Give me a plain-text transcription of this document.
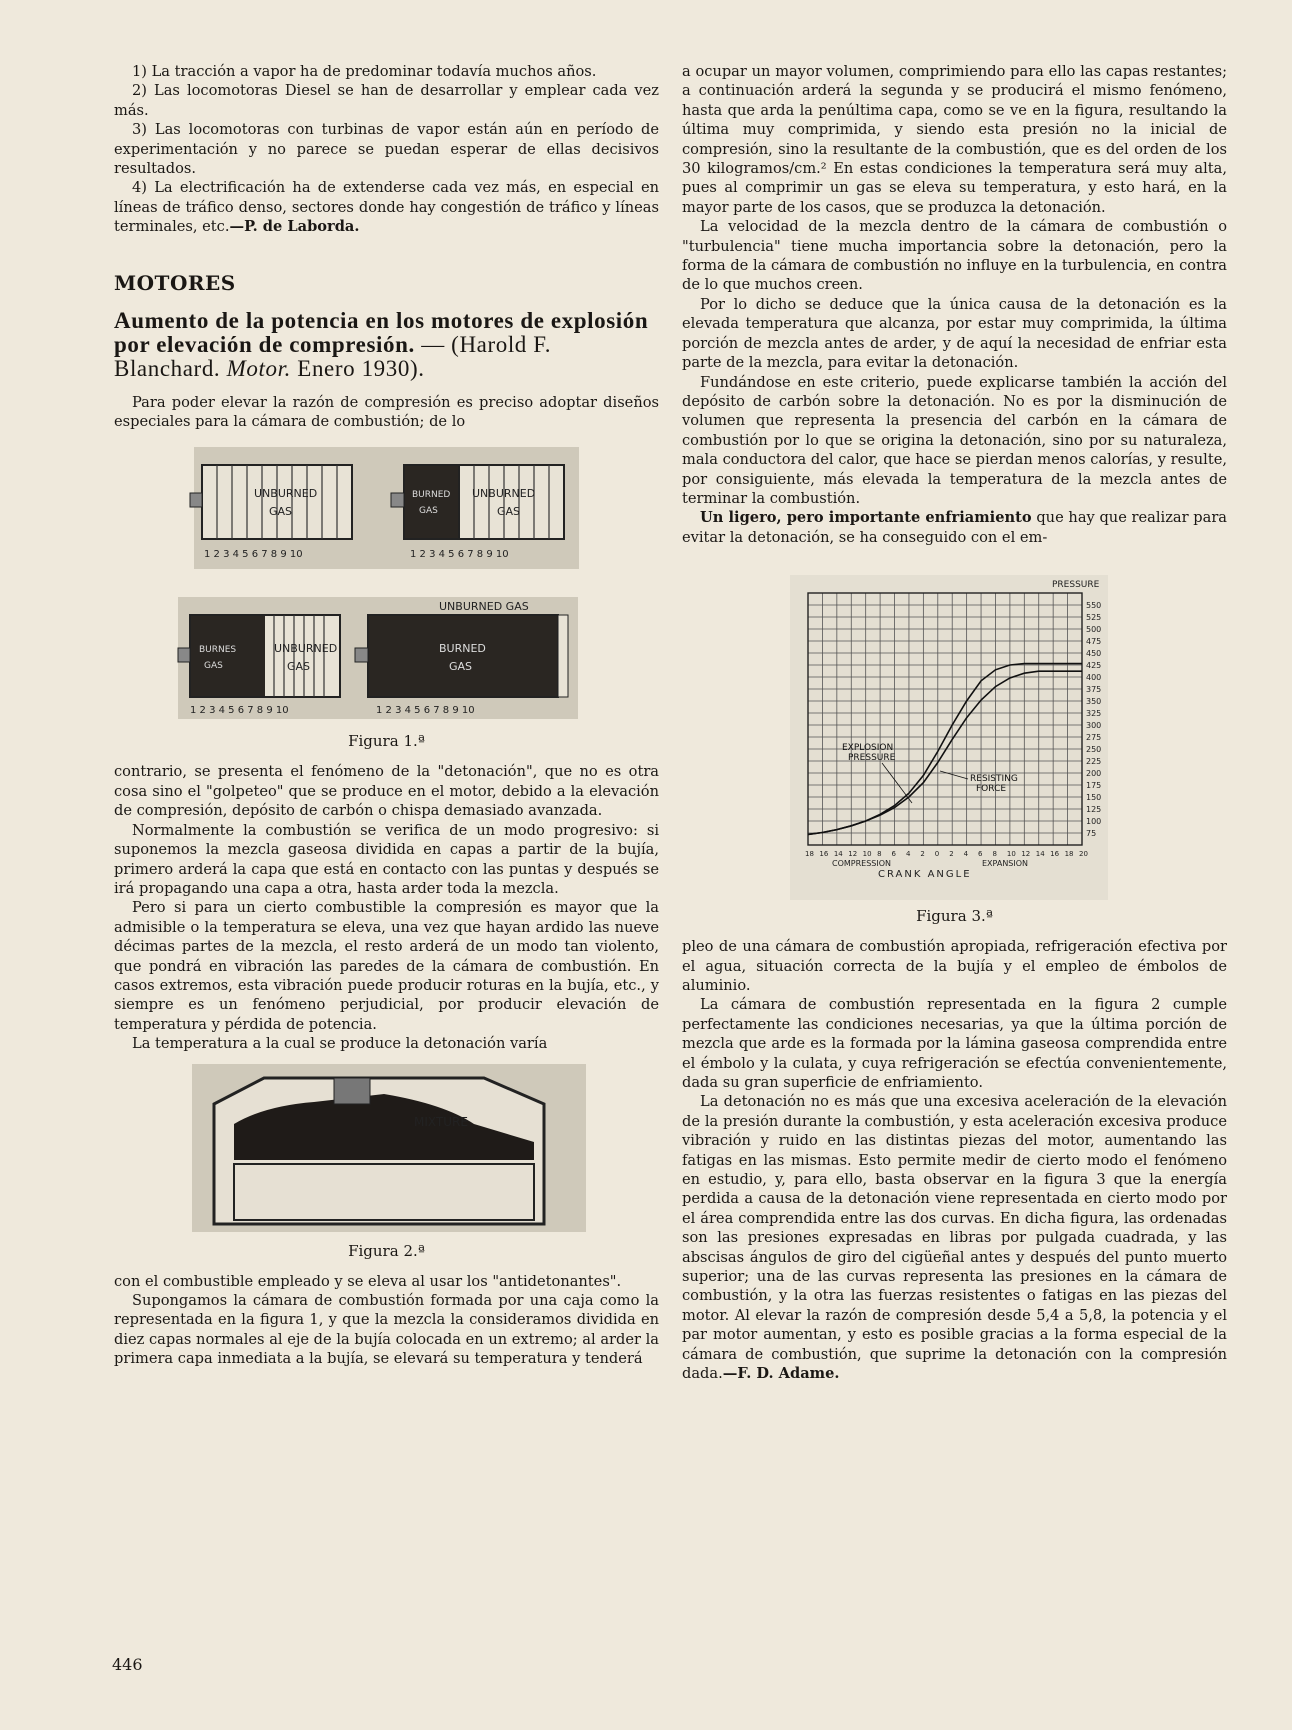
1) La tracción a vapor ha de predominar todavía muchos años.

2) Las locomotoras Diesel se han de desarrollar y emplear cada vez más.

3) Las locomotoras con turbinas de vapor están aún en período de experimentación y no parece se puedan esperar de ellas decisivos resultados.

4) La electrificación ha de extenderse cada vez más, en especial en líneas de tráfico denso, sectores donde hay congestión de tráfico y líneas terminales, etc.—P. de Laborda.

MOTORES
Aumento de la potencia en los motores de explosión por elevación de compresión. — (Harold F. Blanchard. Motor. Enero 1930).

Para poder elevar la razón de compresión es preciso adoptar diseños especiales para la cámara de combustión; de lo

UNBURNED
GAS
BURNED
GAS
UNBURNED
GAS
1 2 3 4 5 6 7 8 9 10	1 2 3 4 5 6 7 8 9 10
BURNES
GAS
UNBURNED
GAS
UNBURNED GAS
BURNED
GAS
1 2 3 4 5 6 7 8 9 10	1 2 3 4 5 6 7 8 9 10
Figura 1.ª

contrario, se presenta el fenómeno de la "detonación", que no es otra cosa sino el "golpeteo" que se produce en el motor, debido a la elevación de compresión, depósito de carbón o chispa demasiado avanzada.

Normalmente la combustión se verifica de un modo progresivo: si suponemos la mezcla gaseosa dividida en capas a partir de la bujía, primero arderá la capa que está en contacto con las puntas y después se irá propagando una capa a otra, hasta arder toda la mezcla.

Pero si para un cierto combustible la compresión es mayor que la admisible o la temperatura se eleva, una vez que hayan ardido las nueve décimas partes de la mezcla, el resto arderá de un modo tan violento, que pondrá en vibración las paredes de la cámara de combustión. En casos extremos, esta vibración puede producir roturas en la bujía, etc., y siempre es un fenómeno perjudicial, por producir elevación de temperatura y pérdida de potencia.

La temperatura a la cual se produce la detonación varía

MIXTURE
Figura 2.ª

con el combustible empleado y se eleva al usar los "antidetonantes".

Supongamos la cámara de combustión formada por una caja como la representada en la figura 1, y que la mezcla la consideramos dividida en diez capas normales al eje de la bujía colocada en un extremo; al arder la primera capa inmediata a la bujía, se elevará su temperatura y tenderá

a ocupar un mayor volumen, comprimiendo para ello las capas restantes; a continuación arderá la segunda y se producirá el mismo fenómeno, hasta que arda la penúltima capa, como se ve en la figura, resultando la última muy comprimida, y siendo esta presión no la inicial de compresión, sino la resultante de la combustión, que es del orden de los 30 kilogramos/cm.² En estas condiciones la temperatura será muy alta, pues al comprimir un gas se eleva su temperatura, y esto hará, en la mayor parte de los casos, que se produzca la detonación.

La velocidad de la mezcla dentro de la cámara de combustión o "turbulencia" tiene mucha importancia sobre la detonación, pero la forma de la cámara de combustión no influye en la turbulencia, en contra de lo que muchos creen.

Por lo dicho se deduce que la única causa de la detonación es la elevada temperatura que alcanza, por estar muy comprimida, la última porción de mezcla antes de arder, y de aquí la necesidad de enfriar esta parte de la mezcla, para evitar la detonación.

Fundándose en este criterio, puede explicarse también la acción del depósito de carbón sobre la detonación. No es por la disminución de volumen que representa la presencia del carbón en la cámara de combustión por lo que se origina la detonación, sino por su naturaleza, mala conductora del calor, que hace se pierdan menos calorías, y resulte, por consiguiente, más elevada la temperatura de la mezcla antes de terminar la combustión.

Un ligero, pero importante enfriamiento que hay que realizar para evitar la detonación, se ha conseguido con el em-

75
100
125
150
175
200
225
250
275
300
325
350
375
400
425
450
475
500
525
550
PRESSURE
18 16 14 12 10 8 6 4 2 0 2 4 6 8 10 12 14 16 18 20
COMPRESSION	EXPANSION
CRANK ANGLE
EXPLOSION
PRESSURE
RESISTING
FORCE
Figura 3.ª

pleo de una cámara de combustión apropiada, refrigeración efectiva por el agua, situación correcta de la bujía y el empleo de émbolos de aluminio.

La cámara de combustión representada en la figura 2 cumple perfectamente las condiciones necesarias, ya que la última porción de mezcla que arde es la formada por la lámina gaseosa comprendida entre el émbolo y la culata, y cuya refrigeración se efectúa convenientemente, dada su gran superficie de enfriamiento.

La detonación no es más que una excesiva aceleración de la elevación de la presión durante la combustión, y esta aceleración excesiva produce vibración y ruido en las distintas piezas del motor, aumentando las fatigas en las mismas. Esto permite medir de cierto modo el fenómeno en estudio, y, para ello, basta observar en la figura 3 que la energía perdida a causa de la detonación viene representada en cierto modo por el área comprendida entre las dos curvas. En dicha figura, las ordenadas son las presiones expresadas en libras por pulgada cuadrada, y las abscisas ángulos de giro del cigüeñal antes y después del punto muerto superior; una de las curvas representa las presiones en la cámara de combustión, y la otra las fuerzas resistentes o fatigas en las piezas del motor. Al elevar la razón de compresión desde 5,4 a 5,8, la potencia y el par motor aumentan, y esto es posible gracias a la forma especial de la cámara de combustión, que suprime la detonación con la compresión dada.—F. D. Adame.

446
